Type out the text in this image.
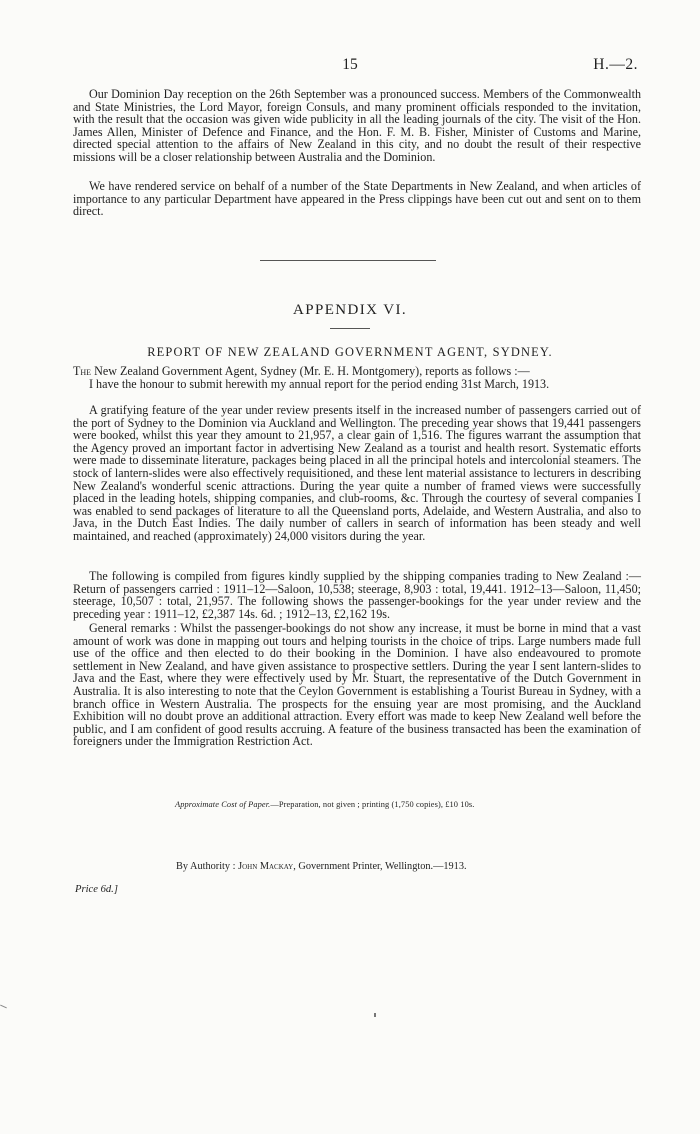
15	H.—2.

Our Dominion Day reception on the 26th September was a pronounced success. Members of the Commonwealth and State Ministries, the Lord Mayor, foreign Consuls, and many prominent officials responded to the invitation, with the result that the occasion was given wide publicity in all the leading journals of the city. The visit of the Hon. James Allen, Minister of Defence and Finance, and the Hon. F. M. B. Fisher, Minister of Customs and Marine, directed special attention to the affairs of New Zealand in this city, and no doubt the result of their respective missions will be a closer relationship between Australia and the Dominion.

We have rendered service on behalf of a number of the State Departments in New Zealand, and when articles of importance to any particular Department have appeared in the Press clippings have been cut out and sent on to them direct.

APPENDIX VI.
REPORT OF NEW ZEALAND GOVERNMENT AGENT, SYDNEY.

The New Zealand Government Agent, Sydney (Mr. E. H. Montgomery), reports as follows :—

I have the honour to submit herewith my annual report for the period ending 31st March, 1913.

A gratifying feature of the year under review presents itself in the increased number of passengers carried out of the port of Sydney to the Dominion via Auckland and Wellington. The preceding year shows that 19,441 passengers were booked, whilst this year they amount to 21,957, a clear gain of 1,516. The figures warrant the assumption that the Agency proved an important factor in advertising New Zealand as a tourist and health resort. Systematic efforts were made to disseminate literature, packages being placed in all the principal hotels and intercolonial steamers. The stock of lantern-slides were also effectively requisitioned, and these lent material assistance to lecturers in describing New Zealand's wonderful scenic attractions. During the year quite a number of framed views were successfully placed in the leading hotels, shipping companies, and club-rooms, &c. Through the courtesy of several companies I was enabled to send packages of literature to all the Queensland ports, Adelaide, and Western Australia, and also to Java, in the Dutch East Indies. The daily number of callers in search of information has been steady and well maintained, and reached (approximately) 24,000 visitors during the year.

The following is compiled from figures kindly supplied by the shipping companies trading to New Zealand :—Return of passengers carried : 1911–12—Saloon, 10,538; steerage, 8,903 : total, 19,441. 1912–13—Saloon, 11,450; steerage, 10,507 : total, 21,957. The following shows the passenger-bookings for the year under review and the preceding year : 1911–12, £2,387 14s. 6d. ; 1912–13, £2,162 19s.

General remarks : Whilst the passenger-bookings do not show any increase, it must be borne in mind that a vast amount of work was done in mapping out tours and helping tourists in the choice of trips. Large numbers made full use of the office and then elected to do their booking in the Dominion. I have also endeavoured to promote settlement in New Zealand, and have given assistance to prospective settlers. During the year I sent lantern-slides to Java and the East, where they were effectively used by Mr. Stuart, the representative of the Dutch Government in Australia. It is also interesting to note that the Ceylon Government is establishing a Tourist Bureau in Sydney, with a branch office in Western Australia. The prospects for the ensuing year are most promising, and the Auckland Exhibition will no doubt prove an additional attraction. Every effort was made to keep New Zealand well before the public, and I am confident of good results accruing. A feature of the business transacted has been the examination of foreigners under the Immigration Restriction Act.

Approximate Cost of Paper.—Preparation, not given ; printing (1,750 copies), £10 10s.
By Authority : John Mackay, Government Printer, Wellington.—1913.
Price 6d.]
